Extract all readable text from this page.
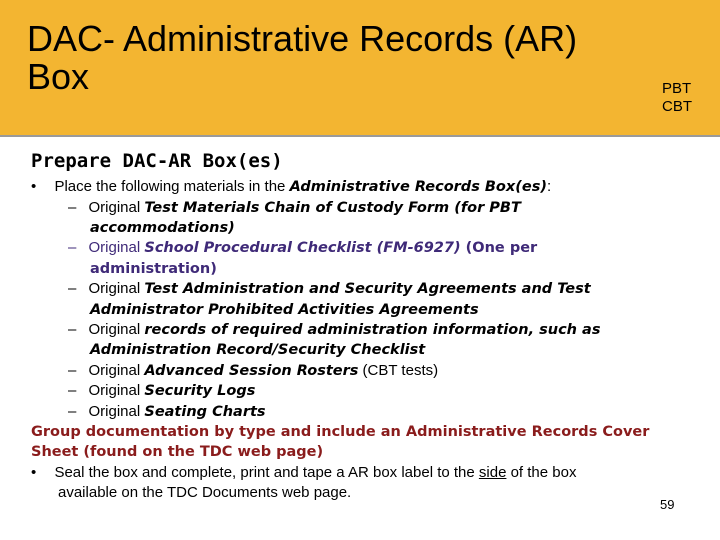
DAC- Administrative Records (AR)
Box	PBT
CBT
Prepare DAC-AR Box(es)
• Place the following materials in the Administrative Records Box(es):
– Original Test Materials Chain of Custody Form (for PBT
accommodations)
– Original School Procedural Checklist (FM-6927) (One per
administration)
– Original Test Administration and Security Agreements and Test
Administrator Prohibited Activities Agreements
– Original records of required administration information, such as
Administration Record/Security Checklist
– Original Advanced Session Rosters (CBT tests)
– Original Security Logs
– Original Seating Charts
Group documentation by type and include an Administrative Records Cover
Sheet (found on the TDC web page)
• Seal the box and complete, print and tape a AR box label to the side of the box
available on the TDC Documents web page.
59
